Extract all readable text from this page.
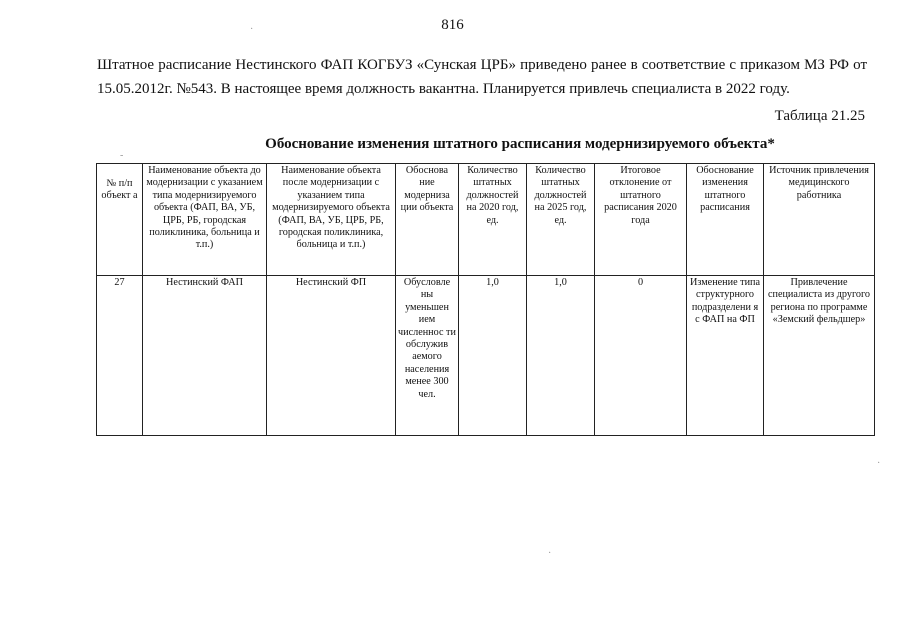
816
Штатное расписание Нестинского ФАП КОГБУЗ «Сунская ЦРБ» приведено ранее в соответствие с приказом МЗ РФ от 15.05.2012г. №543. В настоящее время должность вакантна. Планируется привлечь специалиста в 2022 году.
Таблица 21.25
Обоснование изменения штатного расписания модернизируемого объекта*
№ п/п объект а	Наименование объекта до модернизации с указанием типа модернизируемого объекта (ФАП, ВА, УБ, ЦРБ, РБ, городская поликлиника, больница и т.п.)	Наименование объекта после модернизации с указанием типа модернизируемого объекта (ФАП, ВА, УБ, ЦРБ, РБ, городская поликлиника, больница и т.п.)	Обоснова ние модерниза ции объекта	Количество штатных должностей на 2020 год, ед.	Количество штатных должностей на 2025 год, ед.	Итоговое отклонение от штатного расписания 2020 года	Обоснование изменения штатного расписания	Источник привлечения медицинского работника
27	Нестинский ФАП	Нестинский ФП	Обусловле ны уменьшен ием численнос ти обслужив аемого населения менее 300 чел.	1,0	1,0	0	Изменение типа структурного подразделени я с ФАП на ФП	Привлечение специалиста из другого региона по программе «Земский фельдшер»
·
-
·
·
